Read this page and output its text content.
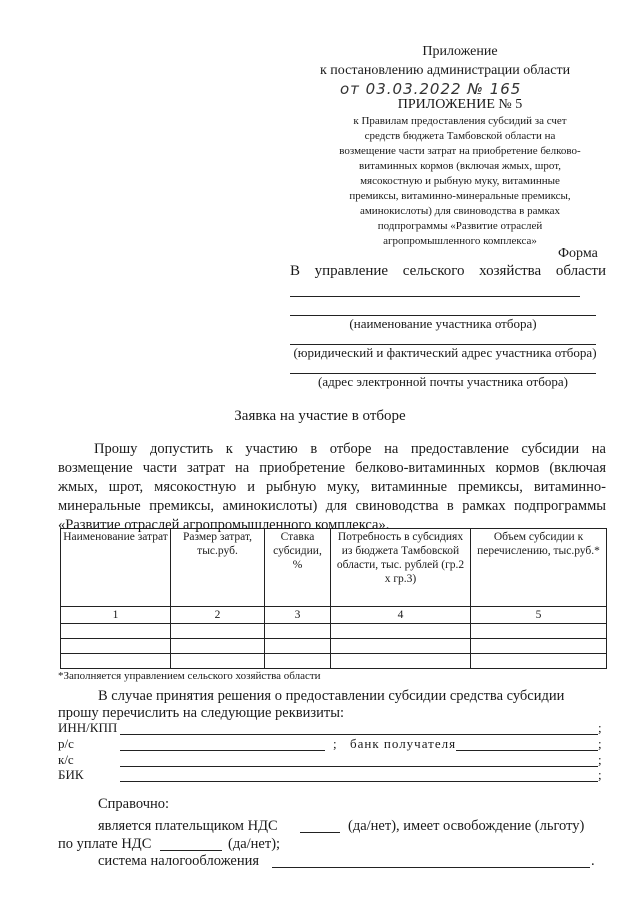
Приложение
к постановлению администрации области
от 03.03.2022 № 165
ПРИЛОЖЕНИЕ № 5
к Правилам предоставления субсидий за счет
средств бюджета Тамбовской области на
возмещение части затрат на приобретение белково-
витаминных кормов (включая жмых, шрот,
мясокостную и рыбную муку, витаминные
премиксы, витаминно-минеральные премиксы,
аминокислоты) для свиноводства в рамках
подпрограммы «Развитие отраслей
агропромышленного комплекса»
Форма
В управление сельского хозяйства области
(наименование участника отбора)
(юридический и фактический адрес участника отбора)
(адрес электронной почты участника отбора)
Заявка на участие в отборе
Прошу допустить к участию в отборе на предоставление субсидии на
возмещение части затрат на приобретение белково-витаминных кормов (включая
жмых, шрот, мясокостную и рыбную муку, витаминные премиксы, витаминно-
минеральные премиксы, аминокислоты) для свиноводства в рамках подпрограммы
«Развитие отраслей агропромышленного комплекса».
Наименование затрат	Размер затрат, тыс.руб.	Ставка субсидии, %	Потребность в субсидиях из бюджета Тамбовской области, тыс. рублей (гр.2 х гр.3)	Объем субсидии к перечислению, тыс.руб.*
1	2	3	4	5

*Заполняется управлением сельского хозяйства области
В случае принятия решения о предоставлении субсидии средства субсидии
прошу перечислить на следующие реквизиты:
ИНН/КПП	;
р/с	; банк получателя	;
к/с	;
БИК	;
Справочно:
является плательщиком НДС	(да/нет), имеет освобождение (льготу)
по уплате НДС	(да/нет);
система налогообложения	.
